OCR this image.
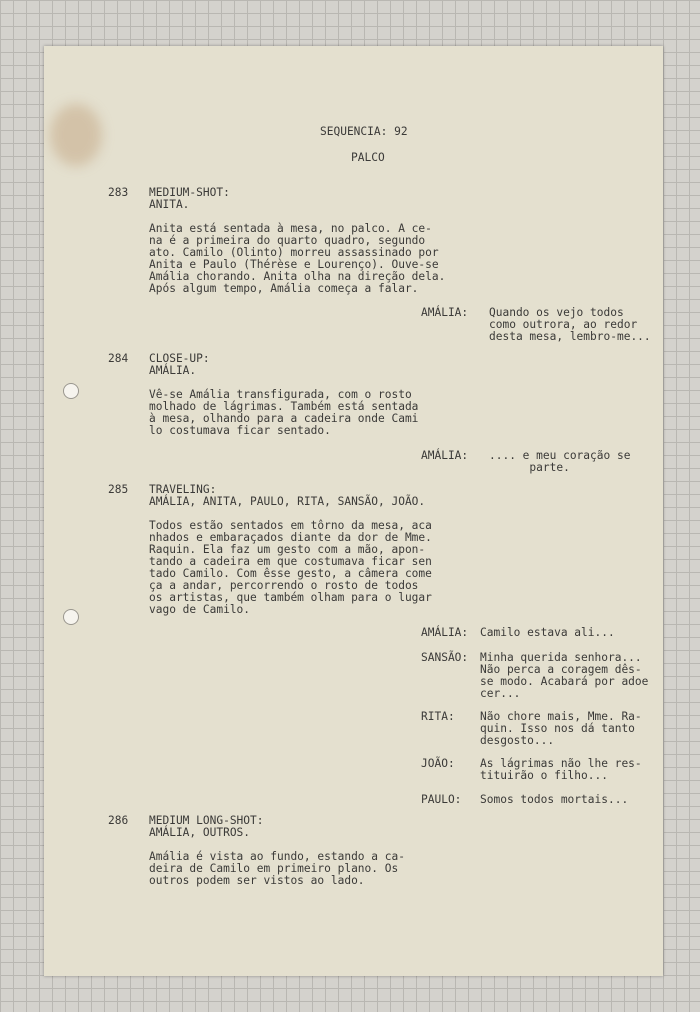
SEQUENCIA: 92

PALCO

283 MEDIUM-SHOT:

ANITA.

Anita está sentada à mesa, no palco. A ce-

na é a primeira do quarto quadro, segundo

ato. Camilo (Olinto) morreu assassinado por

Anita e Paulo (Thérèse e Lourenço). Ouve-se

Amália chorando. Anita olha na direção dela.

Após algum tempo, Amália começa a falar.

AMÁLIA: Quando os vejo todos

como outrora, ao redor

desta mesa, lembro-me...

284 CLOSE-UP:

AMÁLIA.

Vê-se Amália transfigurada, com o rosto

molhado de lágrimas. Também está sentada

à mesa, olhando para a cadeira onde Cami

lo costumava ficar sentado.

AMÁLIA: .... e meu coração se

parte.

285 TRAVELING:

AMÁLIA, ANITA, PAULO, RITA, SANSÃO, JOÃO.

Todos estão sentados em tôrno da mesa, aca

nhados e embaraçados diante da dor de Mme.

Raquin. Ela faz um gesto com a mão, apon-

tando a cadeira em que costumava ficar sen

tado Camilo. Com êsse gesto, a câmera come

ça a andar, percorrendo o rosto de todos

os artistas, que também olham para o lugar

vago de Camilo.

AMÁLIA: Camilo estava ali...

SANSÃO: Minha querida senhora...

Não perca a coragem dês-

se modo. Acabará por adoe

cer...

RITA: Não chore mais, Mme. Ra-

quin. Isso nos dá tanto

desgosto...

JOÃO: As lágrimas não lhe res-

tituirão o filho...

PAULO: Somos todos mortais...

286 MEDIUM LONG-SHOT:

AMÁLIA, OUTROS.

Amália é vista ao fundo, estando a ca-

deira de Camilo em primeiro plano. Os

outros podem ser vistos ao lado.
